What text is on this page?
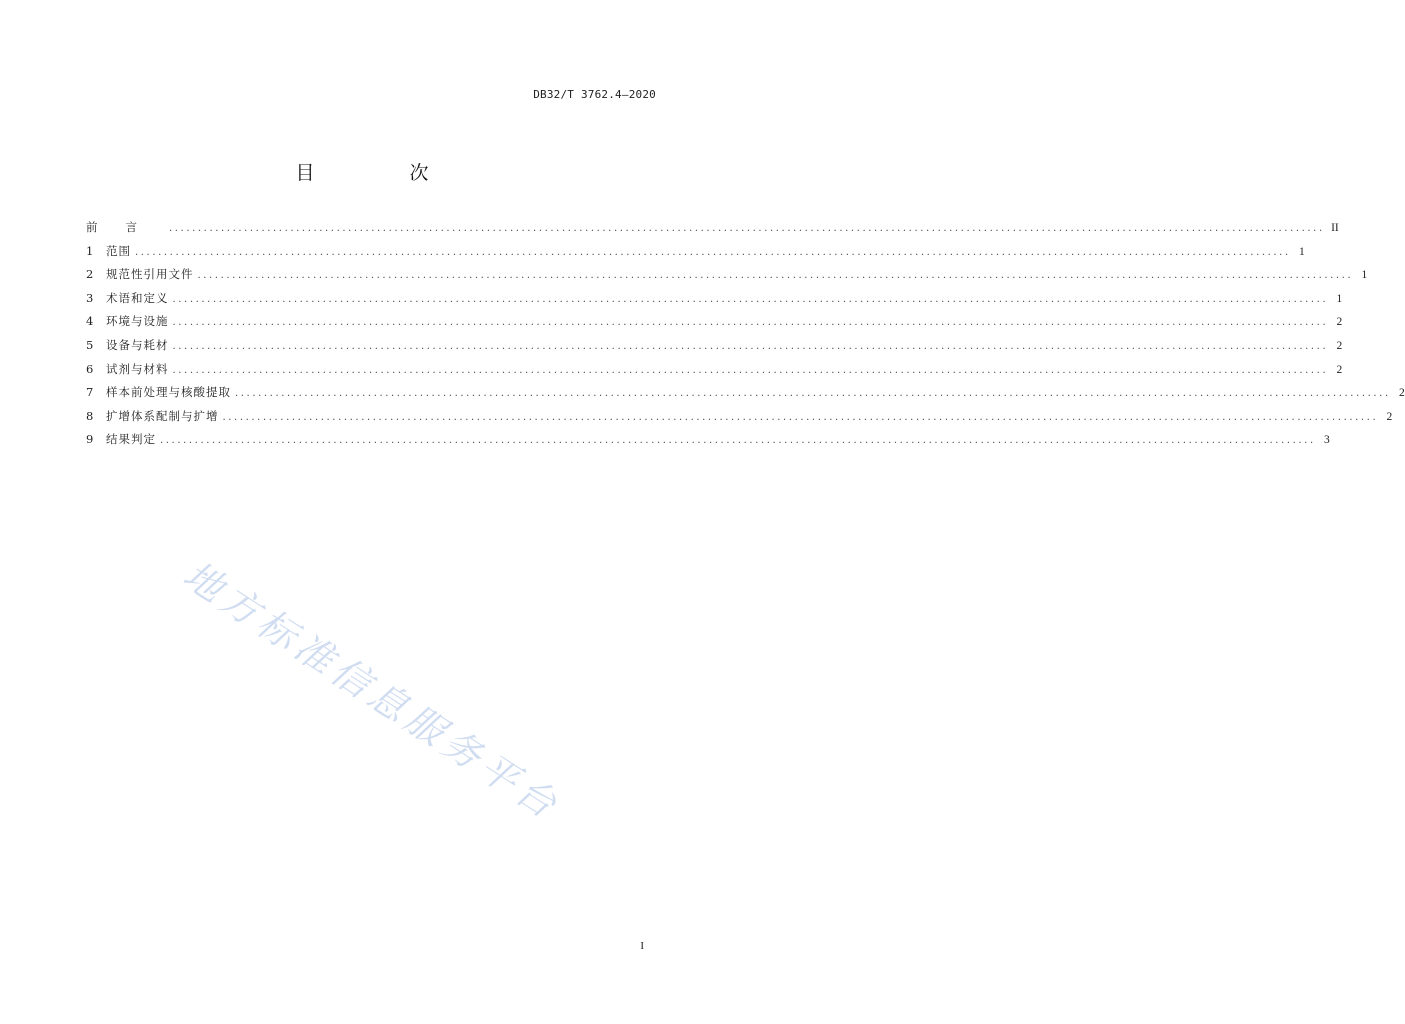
DB32/T 3762.4—2020
目　次
前言 ........................................................................................................................................................................................................ II
1	范围 ........................................................................................................................................................................................................ 1
2	规范性引用文件 ........................................................................................................................................................................................................ 1
3	术语和定义 ........................................................................................................................................................................................................ 1
4	环境与设施 ........................................................................................................................................................................................................ 2
5	设备与耗材 ........................................................................................................................................................................................................ 2
6	试剂与材料 ........................................................................................................................................................................................................ 2
7	样本前处理与核酸提取 ........................................................................................................................................................................................................ 2
8	扩增体系配制与扩增 ........................................................................................................................................................................................................ 2
9	结果判定 ........................................................................................................................................................................................................ 3
地方标准信息服务平台
I
